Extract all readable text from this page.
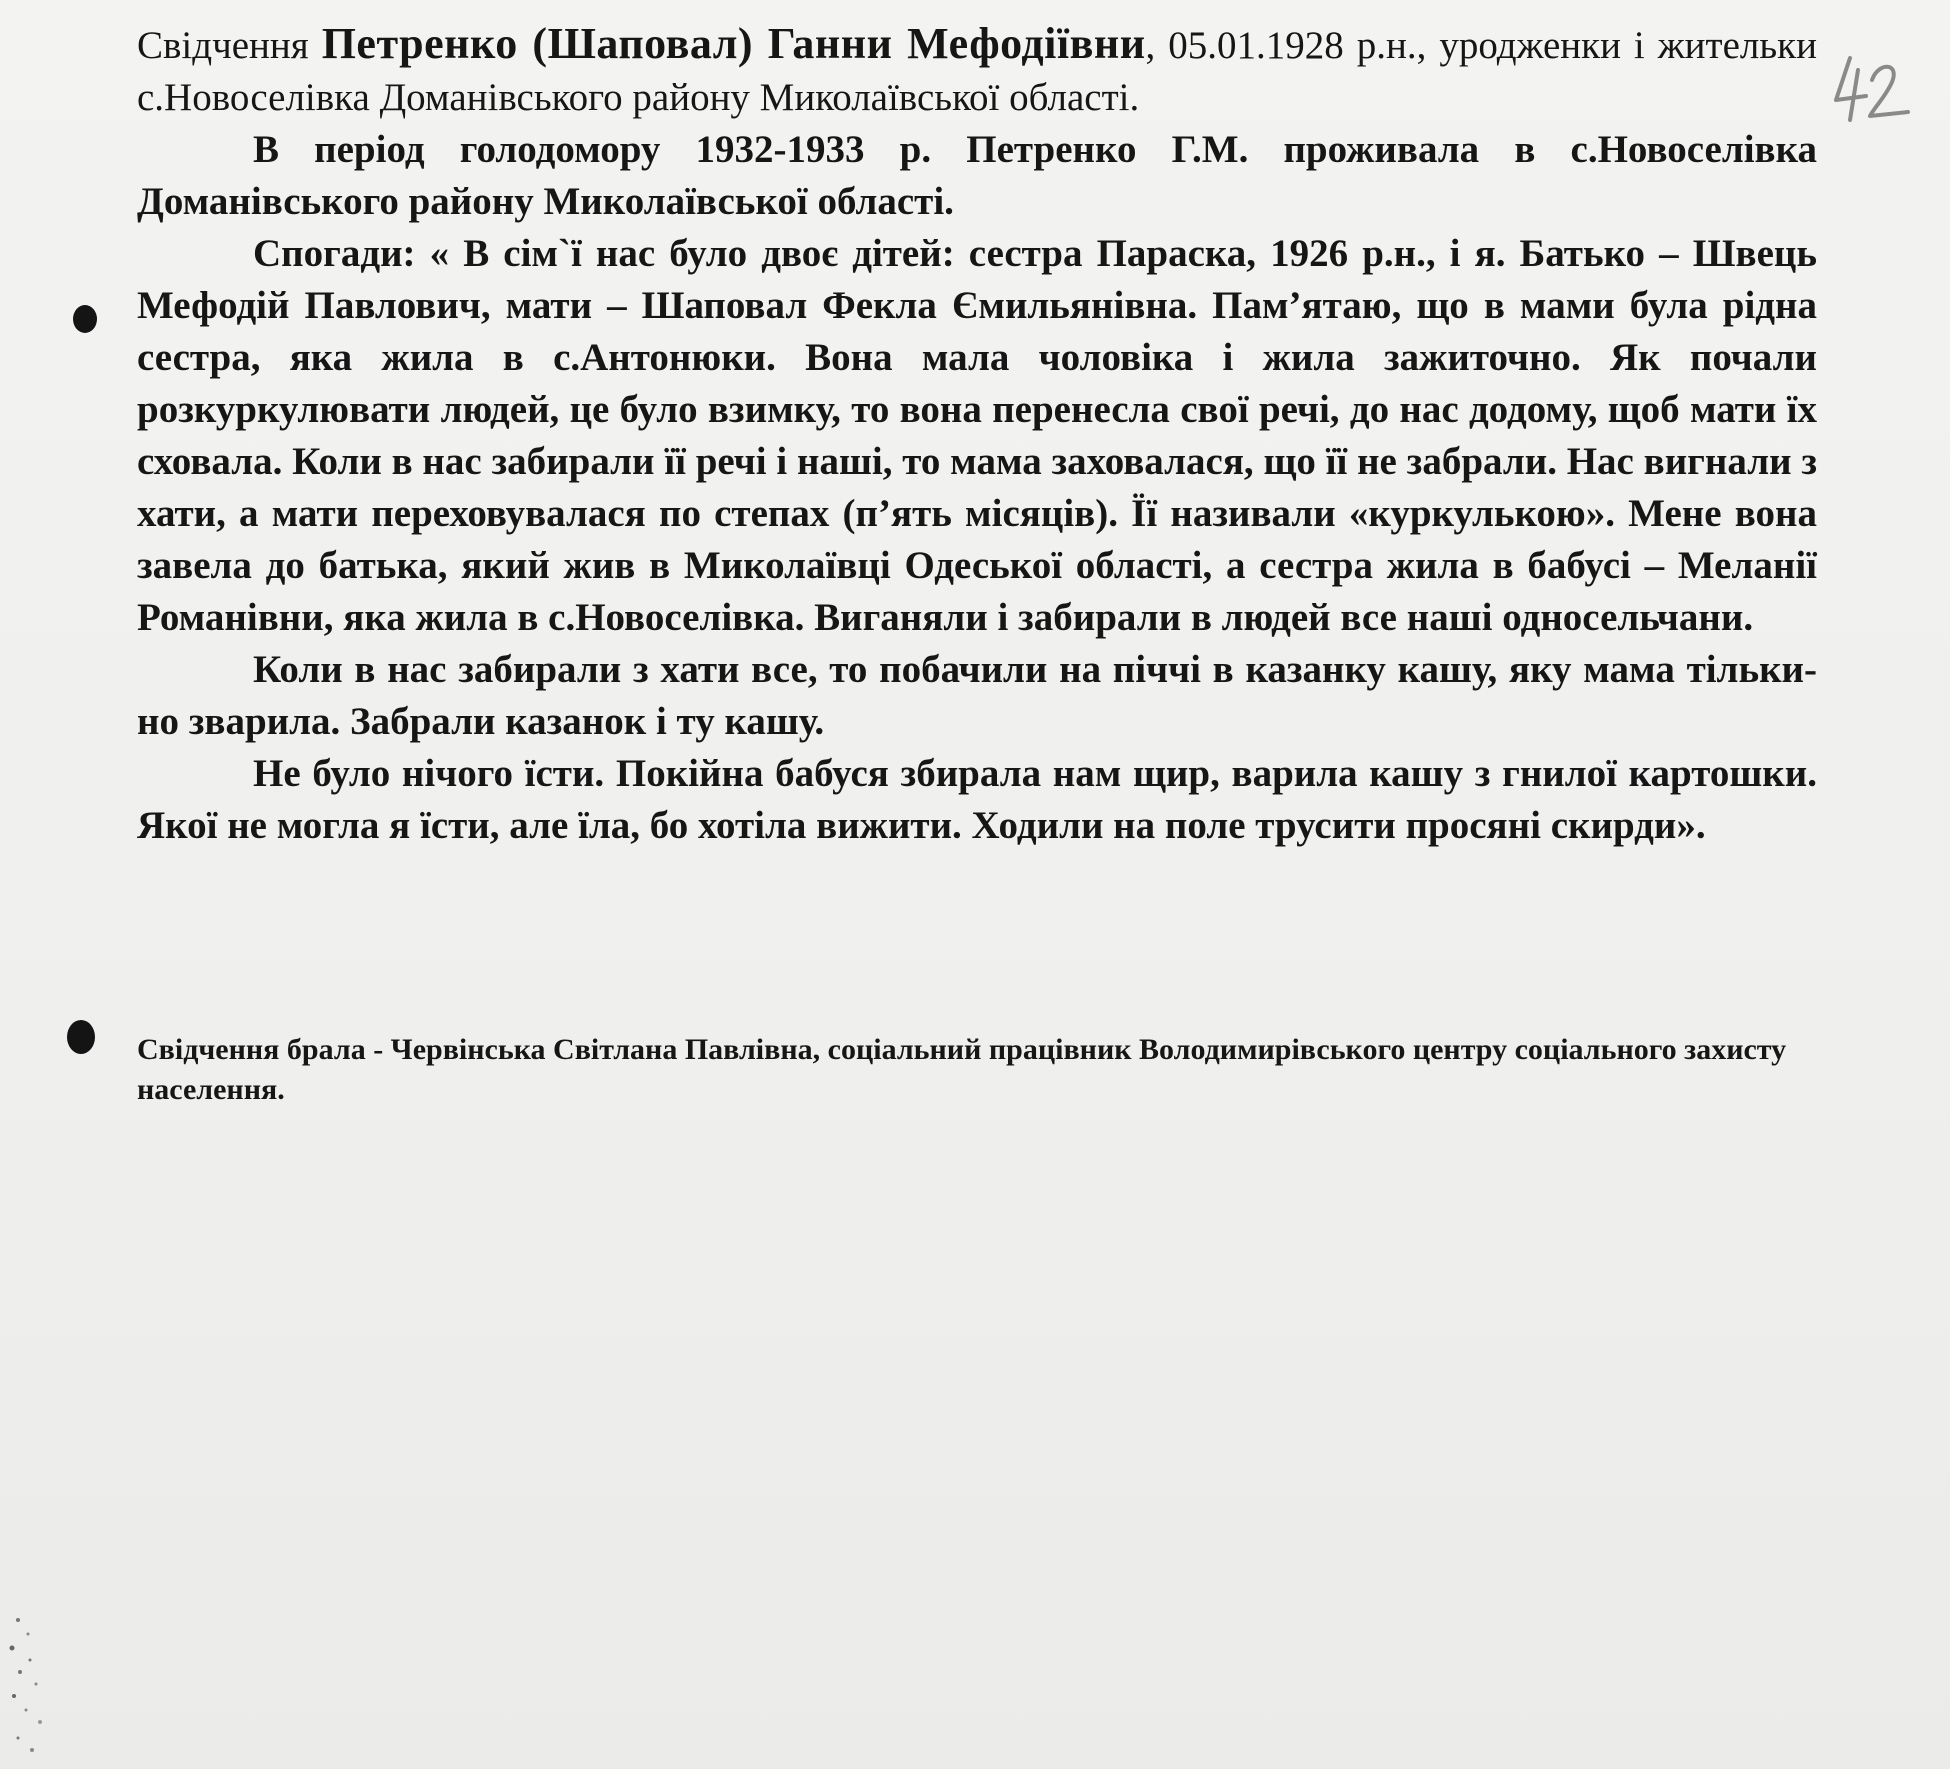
Свідчення Петренко (Шаповал) Ганни Мефодіївни, 05.01.1928 р.н., уродженки і жительки с.Новоселівка Доманівського району Миколаївської області.

В період голодомору 1932-1933 р. Петренко Г.М. проживала в с.Новоселівка Доманівського району Миколаївської області.

Спогади: « В сім`ї нас було двоє дітей: сестра Параска, 1926 р.н., і я. Батько – Швець Мефодій Павлович, мати – Шаповал Фекла Ємильянівна. Пам’ятаю, що в мами була рідна сестра, яка жила в с.Антонюки. Вона мала чоловіка і жила зажиточно. Як почали розкуркулювати людей, це було взимку, то вона перенесла свої речі, до нас додому, щоб мати їх сховала. Коли в нас забирали її речі і наші, то мама заховалася, що її не забрали. Нас вигнали з хати, а мати переховувалася по степах (п’ять місяців). Її називали «куркулькою». Мене вона завела до батька, який жив в Миколаївці Одеської області, а сестра жила в бабусі – Меланії Романівни, яка жила в с.Новоселівка. Виганяли і забирали в людей все наші односельчани.

Коли в нас забирали з хати все, то побачили на піччі в казанку кашу, яку мама тільки-но зварила. Забрали казанок і ту кашу.

Не було нічого їсти. Покійна бабуся збирала нам щир, варила кашу з гнилої картошки. Якої не могла я їсти, але їла, бо хотіла вижити. Ходили на поле трусити просяні скирди».

Свідчення брала - Червінська Світлана Павлівна, соціальний працівник Володимирівського центру соціального захисту населення.
